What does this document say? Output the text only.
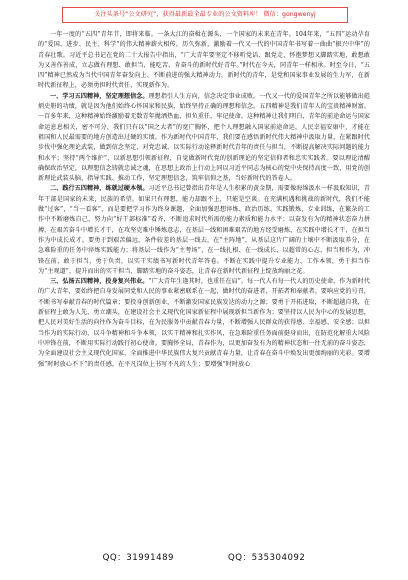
关注头条号“公文研究”，获得最新最全最专业的公文资料库！ 微信：gongwenyj

一年一度的“五四”青年节，即将来临。一条大江的奋楫在源头，一个国家的未来在青年。104年来，“五四”运动孕育的“爱国、进步、民主、科学”的伟大精神薪火相传，历久弥新，激励着一代又一代的中国青年书写着一曲曲“振兴中华”的青春壮歌。习近平总书记在党的二十大报告中指出，“广大青年要坚定不移听党话、跟党走，怀抱梦想又脚踏实地，敢想敢为又善作善成，立志做有理想、敢担当、能吃苦、肯奋斗的新时代好青年。”时代在今天，同青年一样相承。时至今日，“五四”精神已然成为当代中国青年奋发向上、不断前进的强大精神动力。新时代的青年，是党和国家事业发展的生力军，在新时代新征程上，必须勇担时代责任、实现新作为。

一、学习五四精神，坚定理想信念。理想指引人生方向，信念决定事业成败。一代又一代的爱国青年之所以能够做出彪炳史册的功绩，就是因为他们始终心怀国家和民族，始终坚持正确的理想和信念。五四精神是我们青年人的宝贵精神财富。一百多年来，这种精神始终激励着无数青年拋洒热血、担负重任、牢记使命。这种精神让我们明白，青年的前途命运与国家命运息息相关，密不可分，我们只有以“国之大者”的宽广胸怀，把个人理想融入国家前途命运，人民幸福安康中，才能在祖国和人民最需要的地方创造出过硬的实绩。作为新时代中国青年，我们要在感悟新时代伟大精神中汲取力量，在紧跟时代步伐中强化理论武装，做到信念坚定、对党忠诚，以实际行动诠释新时代青年的责任与担当，不断提高解决实际问题的能力和水平；坚持“两个维护”，以新思想引领新征程，自觉做新时代党的创新理论的坚定信仰者和忠实实践者。要以理论清醒确保政治坚定，以理想信念铸就忠诚之魂，在思想上政治上行动上同以习近平同志为核心的党中央保持高度一致，用党的创新理论武装头脑、指导实践、推动工作，坚定理想信念，筑牢信仰之基，当好新时代的答卷人。

二、践行五四精神，练就过硬本领。习近平总书记曾指出青年是人生积累的黄金期，需要像海绵汲水一样汲取知识，青年干部是国家的未来，民族的希望。如果只有理想，能力却跟不上，只能是空谈。在充满机遇和挑战的新时代，我们不能做“过客”，“当一看客”，而是要把学习作为终身课题，全面加强思想淬炼、政治历练、实践锻炼、专业训练，在繁杂的工作中不断磨炼自己，努力向“好干部标准”看齐，不断追求时代所需的能力素质和能力水平；以奋发有为的精神状态奋力拼搏，在艰苦奋斗中增长才干，在攻坚克难中锤炼意志，在基层一线和困难艰苦的地方经受磨炼，在实践中增长才干，在担当作为中成长成才。要勇于到艰苦偏远、条件较差的基层一线去，在“主阵地”、从基层这片广阔的土壤中不断汲取养分，在急难险重的任务中淬炼实践能力；将基层一线作为“主考场”，在一线扎根、在一线成长，以超常的心志、担当和作为，冲锋在前，敢于担当，勇于负责，以实干实绩书写新时代青年答卷。不断在实践中提升专业能力、工作本领，勇于担当作为“主观道”，提升而出的实干担当、脚踏实地的奋斗姿态，让青春在新时代新征程上绽放绚丽之花。

三、弘扬五四精神，投身复兴伟业。“广大青年生逢其时，也重任在肩”。每一代人有每一代人的历史使命。作为新时代的广大青年，要始终把自身发展同党和人民的事业紧密联系在一起，做时代的奋进者、开拓者和奉献者。要响应党的号召，不断书写奉献青春的时代篇章；要投身创新创业，不断激发国家民族发达的动力之源；要勇于开拓进取，不断超越自我，在新征程上敢为人先，勇立潮头，在建设社会主义现代化国家新征程中展现新担当新作为；要坚持以人民为中心的发展思想，把人民对美好生活的向往作为奋斗目标，在为民服务中贡献青春力量，不断增强人民群众的获得感、幸福感、安全感；以担当作为的实际行动，以斗争精神和斗争本领，以实干精神和扎实作风，在急难险重任务面前挺身而出，在防范化解重大风险中冲锋在前，不断用实际行动践行初心使命。要胸怀全局，青春作为，以更加奋发有为的精神状态和一往无前的奋斗姿态，为全面建设社会主义现代化国家、全面推进中华民族伟大复兴贡献青春力量，让青春在奋斗中焕发出更加绚丽的光彩。要增强“时时放心不下”的责任感，在平凡岗位上书写不凡的人生；要增强“时时放心

QQ：31991489	QQ：535304092
